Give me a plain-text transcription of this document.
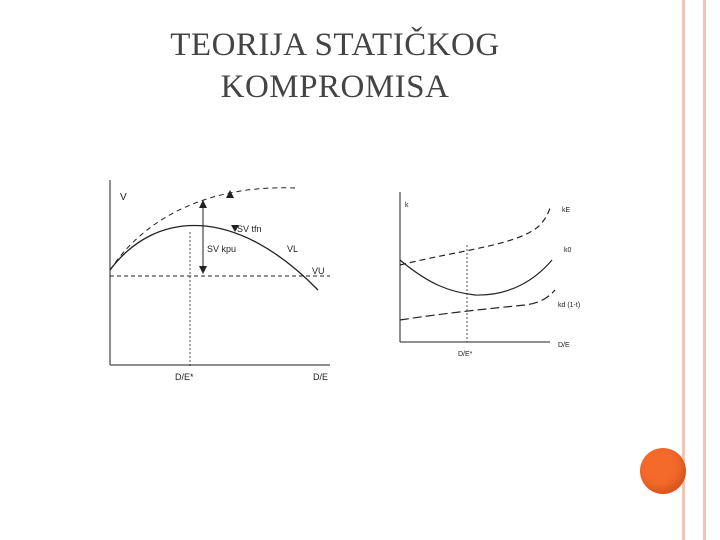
TEORIJA STATIČKOG
KOMPROMISA
V
SV tfn
SV kpu	VL
VU
D/E*	D/E
k
kE
k0
kd (1-t)
D/E
D/E*
